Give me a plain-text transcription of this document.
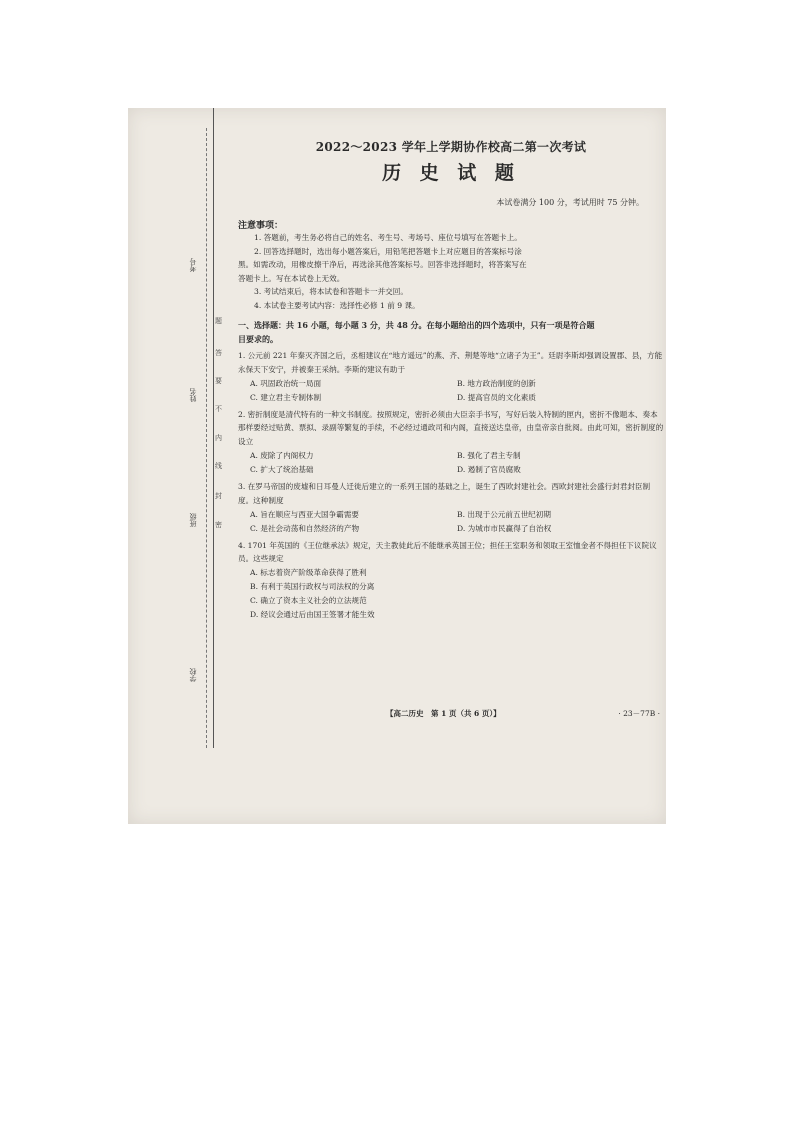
考号
姓名
班级
学校
题
答
要
不
内
线
封
密
2022～2023 学年上学期协作校高二第一次考试
历 史 试 题
本试卷满分 100 分，考试用时 75 分钟。
注意事项：
1. 答题前，考生务必将自己的姓名、考生号、考场号、座位号填写在答题卡上。
2. 回答选择题时，选出每小题答案后，用铅笔把答题卡上对应题目的答案标号涂
黑。如需改动，用橡皮擦干净后，再选涂其他答案标号。回答非选择题时，将答案写在
答题卡上。写在本试卷上无效。
3. 考试结束后，将本试卷和答题卡一并交回。
4. 本试卷主要考试内容：选择性必修 1 前 9 课。
一、选择题：共 16 小题，每小题 3 分，共 48 分。在每小题给出的四个选项中，只有一项是符合题
目要求的。
1. 公元前 221 年秦灭齐国之后，丞相建议在“地方遥远”的燕、齐、荆楚等地“立诸子为王”。廷尉李斯却强调设置郡、县，方能永保天下安宁，并被秦王采纳。李斯的建议有助于
A. 巩固政治统一局面	B. 地方政治制度的创新
C. 建立君主专制体制	D. 提高官员的文化素质
2. 密折制度是清代特有的一种文书制度。按照规定，密折必须由大臣亲手书写，写好后装入特制的匣内，密折不像题本、奏本那样要经过贴黄、票拟、录副等繁复的手续，不必经过通政司和内阁，直接送达皇帝，由皇帝亲自批阅。由此可知，密折制度的设立
A. 废除了内阁权力	B. 强化了君主专制
C. 扩大了统治基础	D. 遏制了官员腐败
3. 在罗马帝国的废墟和日耳曼人迁徙后建立的一系列王国的基础之上，诞生了西欧封建社会。西欧封建社会盛行封君封臣制度。这种制度
A. 旨在顺应与西亚大国争霸需要	B. 出现于公元前五世纪初期
C. 是社会动荡和自然经济的产物	D. 为城市市民赢得了自治权
4. 1701 年英国的《王位继承法》规定，天主教徒此后不能继承英国王位；担任王室职务和领取王室恤金者不得担任下议院议员。这些规定
A. 标志着资产阶级革命获得了胜利
B. 有利于英国行政权与司法权的分离
C. 确立了资本主义社会的立法规范
D. 经议会通过后由国王签署才能生效
【高二历史　第 1 页（共 6 页）】	· 23－77B ·
